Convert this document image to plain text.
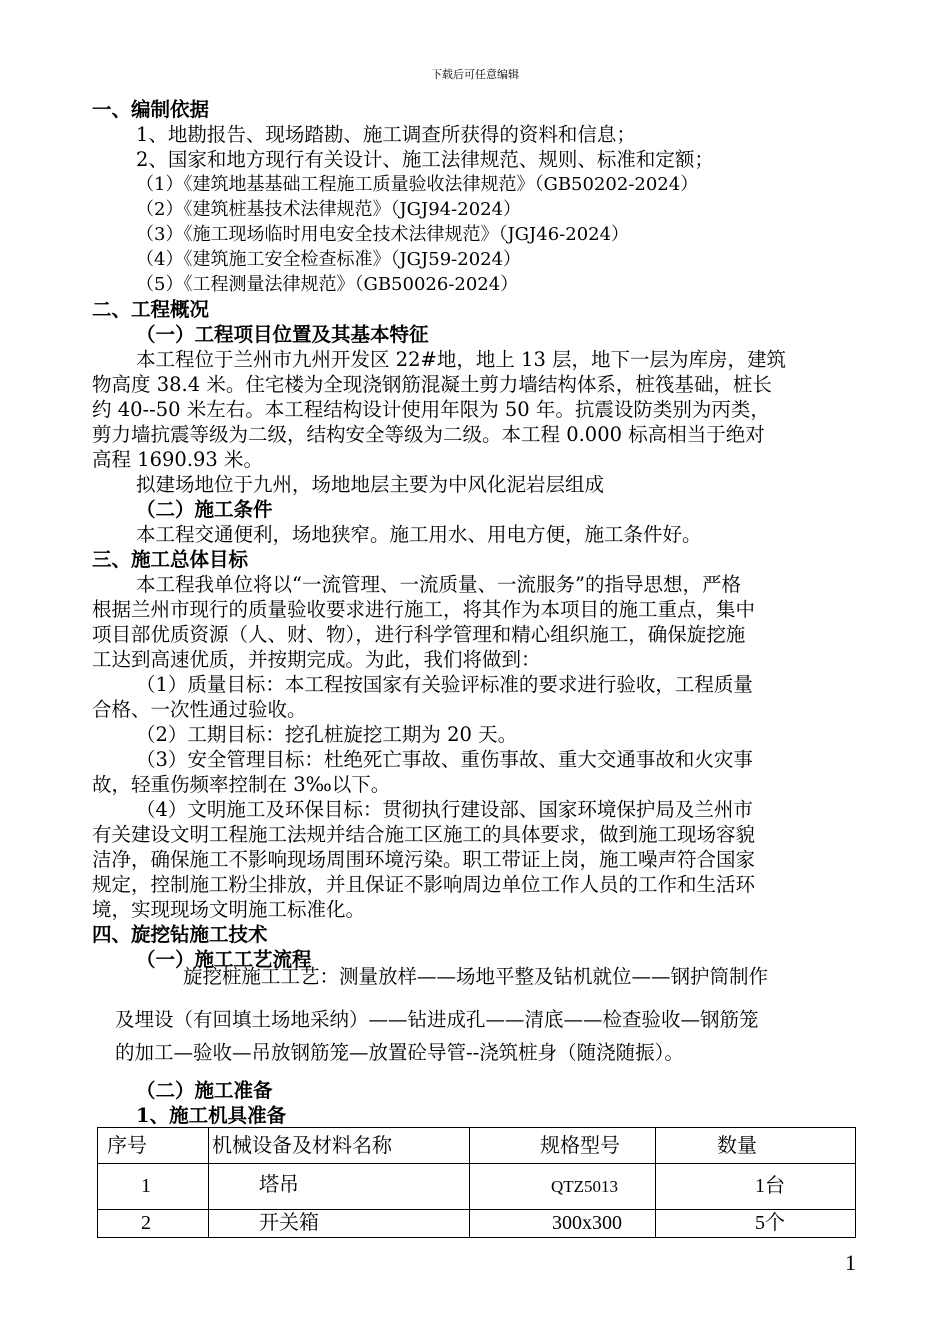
下载后可任意编辑
一、编制依据
1、地勘报告、现场踏勘、施工调查所获得的资料和信息；
2、国家和地方现行有关设计、施工法律规范、规则、标准和定额；
（1）《建筑地基基础工程施工质量验收法律规范》（GB50202-2024）
（2）《建筑桩基技术法律规范》（JGJ94-2024）
（3）《施工现场临时用电安全技术法律规范》（JGJ46-2024）
（4）《建筑施工安全检查标准》（JGJ59-2024）
（5）《工程测量法律规范》（GB50026-2024）
二、工程概况
（一）工程项目位置及其基本特征
本工程位于兰州市九州开发区 22#地，地上 13 层，地下一层为库房，建筑
物高度 38.4 米。住宅楼为全现浇钢筋混凝土剪力墙结构体系，桩筏基础，桩长
约 40--50 米左右。本工程结构设计使用年限为 50 年。抗震设防类别为丙类，
剪力墙抗震等级为二级，结构安全等级为二级。本工程 0.000 标高相当于绝对
高程 1690.93 米。
拟建场地位于九州，场地地层主要为中风化泥岩层组成
（二）施工条件
本工程交通便利，场地狭窄。施工用水、用电方便，施工条件好。
三、施工总体目标
本工程我单位将以“一流管理、一流质量、一流服务”的指导思想，严格
根据兰州市现行的质量验收要求进行施工，将其作为本项目的施工重点，集中
项目部优质资源（人、财、物），进行科学管理和精心组织施工，确保旋挖施
工达到高速优质，并按期完成。为此，我们将做到：
（1）质量目标：本工程按国家有关验评标准的要求进行验收，工程质量
合格、一次性通过验收。
（2）工期目标：挖孔桩旋挖工期为 20 天。
（3）安全管理目标：杜绝死亡事故、重伤事故、重大交通事故和火灾事
故，轻重伤频率控制在 3‰以下。
（4）文明施工及环保目标：贯彻执行建设部、国家环境保护局及兰州市
有关建设文明工程施工法规并结合施工区施工的具体要求，做到施工现场容貌
洁净，确保施工不影响现场周围环境污染。职工带证上岗，施工噪声符合国家
规定，控制施工粉尘排放，并且保证不影响周边单位工作人员的工作和生活环
境，实现现场文明施工标准化。
四、旋挖钻施工技术
（一）施工工艺流程
旋挖桩施工工艺：测量放样——场地平整及钻机就位——钢护筒制作
及埋设（有回填土场地采纳）——钻进成孔——清底——检查验收—钢筋笼
的加工—验收—吊放钢筋笼—放置砼导管--浇筑桩身（随浇随振）。
（二）施工准备
1、施工机具准备

序号	机械设备及材料名称	规格型号	数量
1	塔吊	QTZ5013	1台
2	开关箱	300x300	5个
1
